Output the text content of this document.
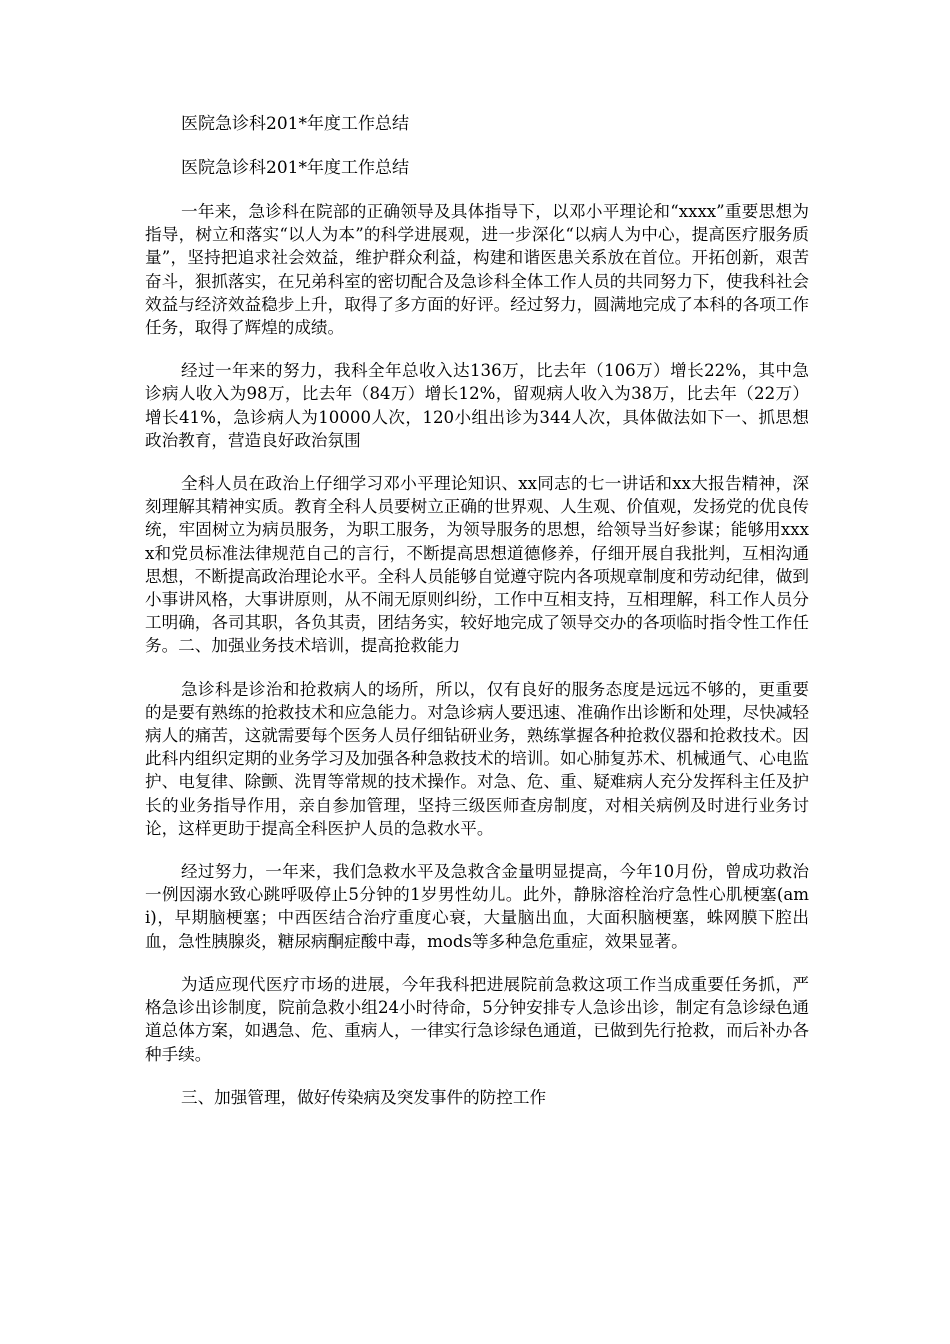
医院急诊科201*年度工作总结
医院急诊科201*年度工作总结

一年来，急诊科在院部的正确领导及具体指导下，以邓小平理论和“xxxx”重要思想为指导，树立和落实“以人为本”的科学进展观，进一步深化“以病人为中心，提高医疗服务质量”，坚持把追求社会效益，维护群众利益，构建和谐医患关系放在首位。开拓创新，艰苦奋斗，狠抓落实，在兄弟科室的密切配合及急诊科全体工作人员的共同努力下，使我科社会效益与经济效益稳步上升，取得了多方面的好评。经过努力，圆满地完成了本科的各项工作任务，取得了辉煌的成绩。

经过一年来的努力，我科全年总收入达136万，比去年（106万）增长22%，其中急诊病人收入为98万，比去年（84万）增长12%，留观病人收入为38万，比去年（22万）增长41%，急诊病人为10000人次，120小组出诊为344人次，具体做法如下一、抓思想政治教育，营造良好政治氛围

全科人员在政治上仔细学习邓小平理论知识、xx同志的七一讲话和xx大报告精神，深刻理解其精神实质。教育全科人员要树立正确的世界观、人生观、价值观，发扬党的优良传统，牢固树立为病员服务，为职工服务，为领导服务的思想，给领导当好参谋；能够用xxxx和党员标准法律规范自己的言行，不断提高思想道德修养，仔细开展自我批判，互相沟通思想，不断提高政治理论水平。全科人员能够自觉遵守院内各项规章制度和劳动纪律，做到小事讲风格，大事讲原则，从不闹无原则纠纷，工作中互相支持，互相理解，科工作人员分工明确，各司其职，各负其责，团结务实，较好地完成了领导交办的各项临时指令性工作任务。二、加强业务技术培训，提高抢救能力

急诊科是诊治和抢救病人的场所，所以，仅有良好的服务态度是远远不够的，更重要的是要有熟练的抢救技术和应急能力。对急诊病人要迅速、准确作出诊断和处理，尽快减轻病人的痛苦，这就需要每个医务人员仔细钻研业务，熟练掌握各种抢救仪器和抢救技术。因此科内组织定期的业务学习及加强各种急救技术的培训。如心肺复苏术、机械通气、心电监护、电复律、除颤、洗胃等常规的技术操作。对急、危、重、疑难病人充分发挥科主任及护长的业务指导作用，亲自参加管理，坚持三级医师查房制度，对相关病例及时进行业务讨论，这样更助于提高全科医护人员的急救水平。

经过努力，一年来，我们急救水平及急救含金量明显提高，今年10月份，曾成功救治一例因溺水致心跳呼吸停止5分钟的1岁男性幼儿。此外，静脉溶栓治疗急性心肌梗塞(ami)，早期脑梗塞；中西医结合治疗重度心衰，大量脑出血，大面积脑梗塞，蛛网膜下腔出血，急性胰腺炎，糖尿病酮症酸中毒，mods等多种急危重症，效果显著。

为适应现代医疗市场的进展，今年我科把进展院前急救这项工作当成重要任务抓，严格急诊出诊制度，院前急救小组24小时待命，5分钟安排专人急诊出诊，制定有急诊绿色通道总体方案，如遇急、危、重病人，一律实行急诊绿色通道，已做到先行抢救，而后补办各种手续。

三、加强管理，做好传染病及突发事件的防控工作
